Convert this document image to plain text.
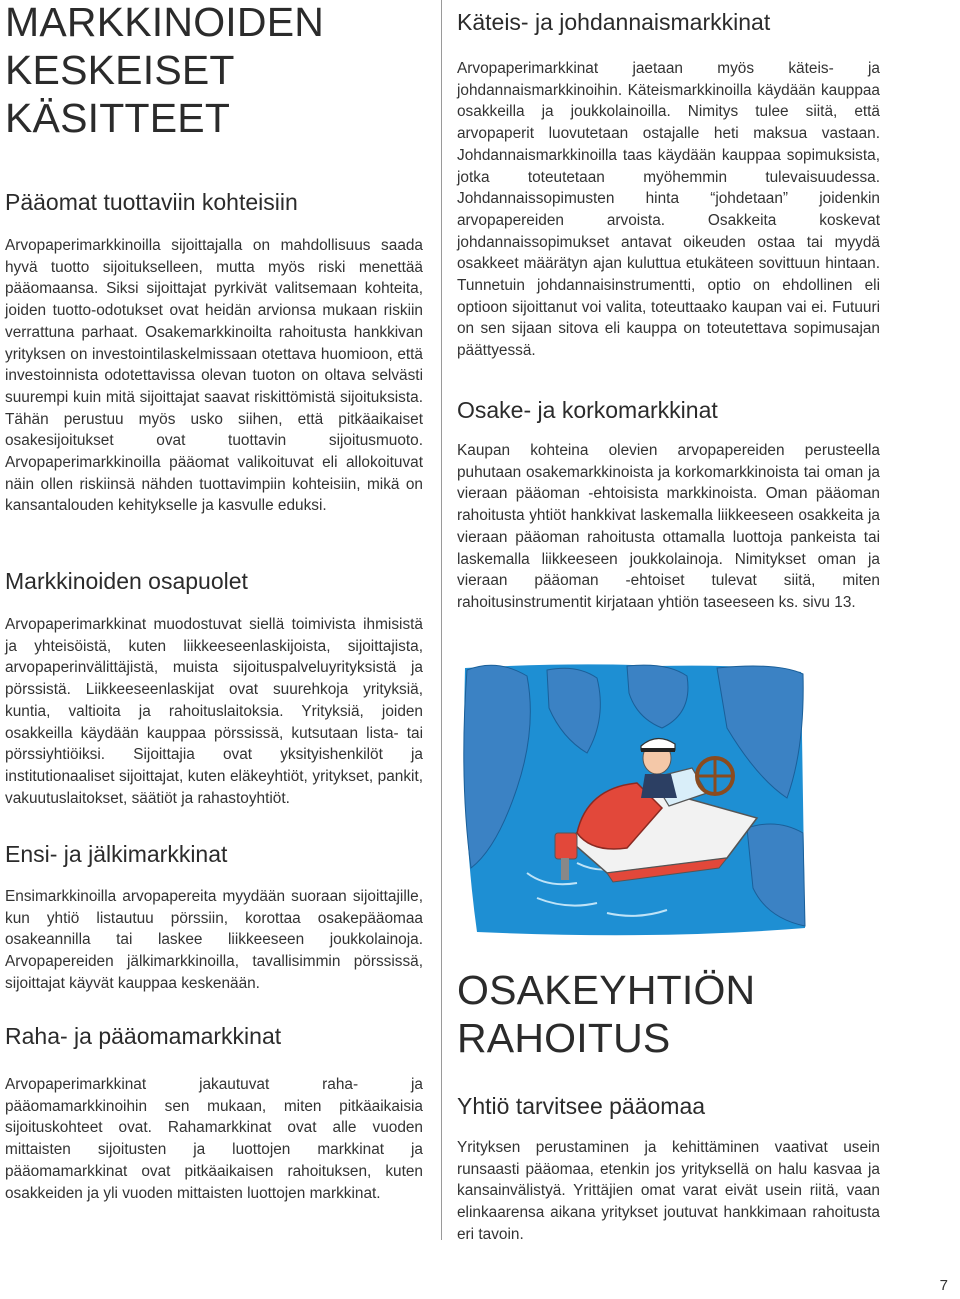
MARKKINOIDEN
KESKEISET
KÄSITTEET
Pääomat tuottaviin kohteisiin

Arvopaperimarkkinoilla sijoittajalla on mahdollisuus saada hyvä tuotto sijoitukselleen, mutta myös riski menettää pääomaansa. Siksi sijoittajat pyrkivät valitsemaan kohteita, joiden tuotto-odotukset ovat heidän arvionsa mukaan riskiin verrattuna parhaat. Osakemarkkinoilta rahoitusta hankkivan yrityksen on investointilaskelmissaan otettava huomioon, että investoinnista odotettavissa olevan tuoton on oltava selvästi suurempi kuin mitä sijoittajat saavat riskittömistä sijoituksista. Tähän perustuu myös usko siihen, että pitkäaikaiset osakesijoitukset ovat tuottavin sijoitusmuoto. Arvopaperimarkkinoilla pääomat valikoituvat eli allokoituvat näin ollen riskiinsä nähden tuottavimpiin kohteisiin, mikä on kansantalouden kehitykselle ja kasvulle eduksi.

Markkinoiden osapuolet

Arvopaperimarkkinat muodostuvat siellä toimivista ihmisistä ja yhteisöistä, kuten liikkeeseenlaskijoista, sijoittajista, arvopaperinvälittäjistä, muista sijoituspalveluyrityksistä ja pörssistä. Liikkeeseenlaskijat ovat suurehkoja yrityksiä, kuntia, valtioita ja rahoituslaitoksia. Yrityksiä, joiden osakkeilla käydään kauppaa pörssissä, kutsutaan lista- tai pörssiyhtiöiksi. Sijoittajia ovat yksityishenkilöt ja institutionaaliset sijoittajat, kuten eläkeyhtiöt, yritykset, pankit, vakuutuslaitokset, säätiöt ja rahastoyhtiöt.

Ensi- ja jälkimarkkinat

Ensimarkkinoilla arvopapereita myydään suoraan sijoittajille, kun yhtiö listautuu pörssiin, korottaa osakepääomaa osakeannilla tai laskee liikkeeseen joukkolainoja. Arvopapereiden jälkimarkkinoilla, tavallisimmin pörssissä, sijoittajat käyvät kauppaa keskenään.

Raha- ja pääomamarkkinat

Arvopaperimarkkinat jakautuvat raha- ja pääomamarkkinoihin sen mukaan, miten pitkäaikaisia sijoituskohteet ovat. Rahamarkkinat ovat alle vuoden mittaisten sijoitusten ja luottojen markkinat ja pääomamarkkinat ovat pitkäaikaisen rahoituksen, kuten osakkeiden ja yli vuoden mittaisten luottojen markkinat.

Käteis- ja johdannaismarkkinat

Arvopaperimarkkinat jaetaan myös käteis- ja johdannaismarkkinoihin. Käteismarkkinoilla käydään kauppaa osakkeilla ja joukkolainoilla. Nimitys tulee siitä, että arvopaperit luovutetaan ostajalle heti maksua vastaan. Johdannaismarkkinoilla taas käydään kauppaa sopimuksista, jotka toteutetaan myöhemmin tulevaisuudessa. Johdannaissopimusten hinta “johdetaan” joidenkin arvopapereiden arvoista. Osakkeita koskevat johdannaissopimukset antavat oikeuden ostaa tai myydä osakkeet määrätyn ajan kuluttua etukäteen sovittuun hintaan. Tunnetuin johdannaisinstrumentti, optio on ehdollinen eli optioon sijoittanut voi valita, toteuttaako kaupan vai ei. Futuuri on sen sijaan sitova eli kauppa on toteutettava sopimusajan päättyessä.

Osake- ja korkomarkkinat

Kaupan kohteina olevien arvopapereiden perusteella puhutaan osakemarkkinoista ja korkomarkkinoista tai oman ja vieraan pääoman -ehtoisista markkinoista. Oman pääoman rahoitusta yhtiöt hankkivat laskemalla liikkeeseen osakkeita ja vieraan pääoman rahoitusta ottamalla luottoja pankeista tai laskemalla liikkeeseen joukkolainoja. Nimitykset oman ja vieraan pääoman -ehtoiset tulevat siitä, miten rahoitusinstrumentit kirjataan yhtiön taseeseen ks. sivu 13.

OSAKEYHTIÖN
RAHOITUS
Yhtiö tarvitsee pääomaa

Yrityksen perustaminen ja kehittäminen vaativat usein runsaasti pääomaa, etenkin jos yrityksellä on halu kasvaa ja kansainvälistyä. Yrittäjien omat varat eivät usein riitä, vaan elinkaarensa aikana yritykset joutuvat hankkimaan rahoitusta eri tavoin.

7
